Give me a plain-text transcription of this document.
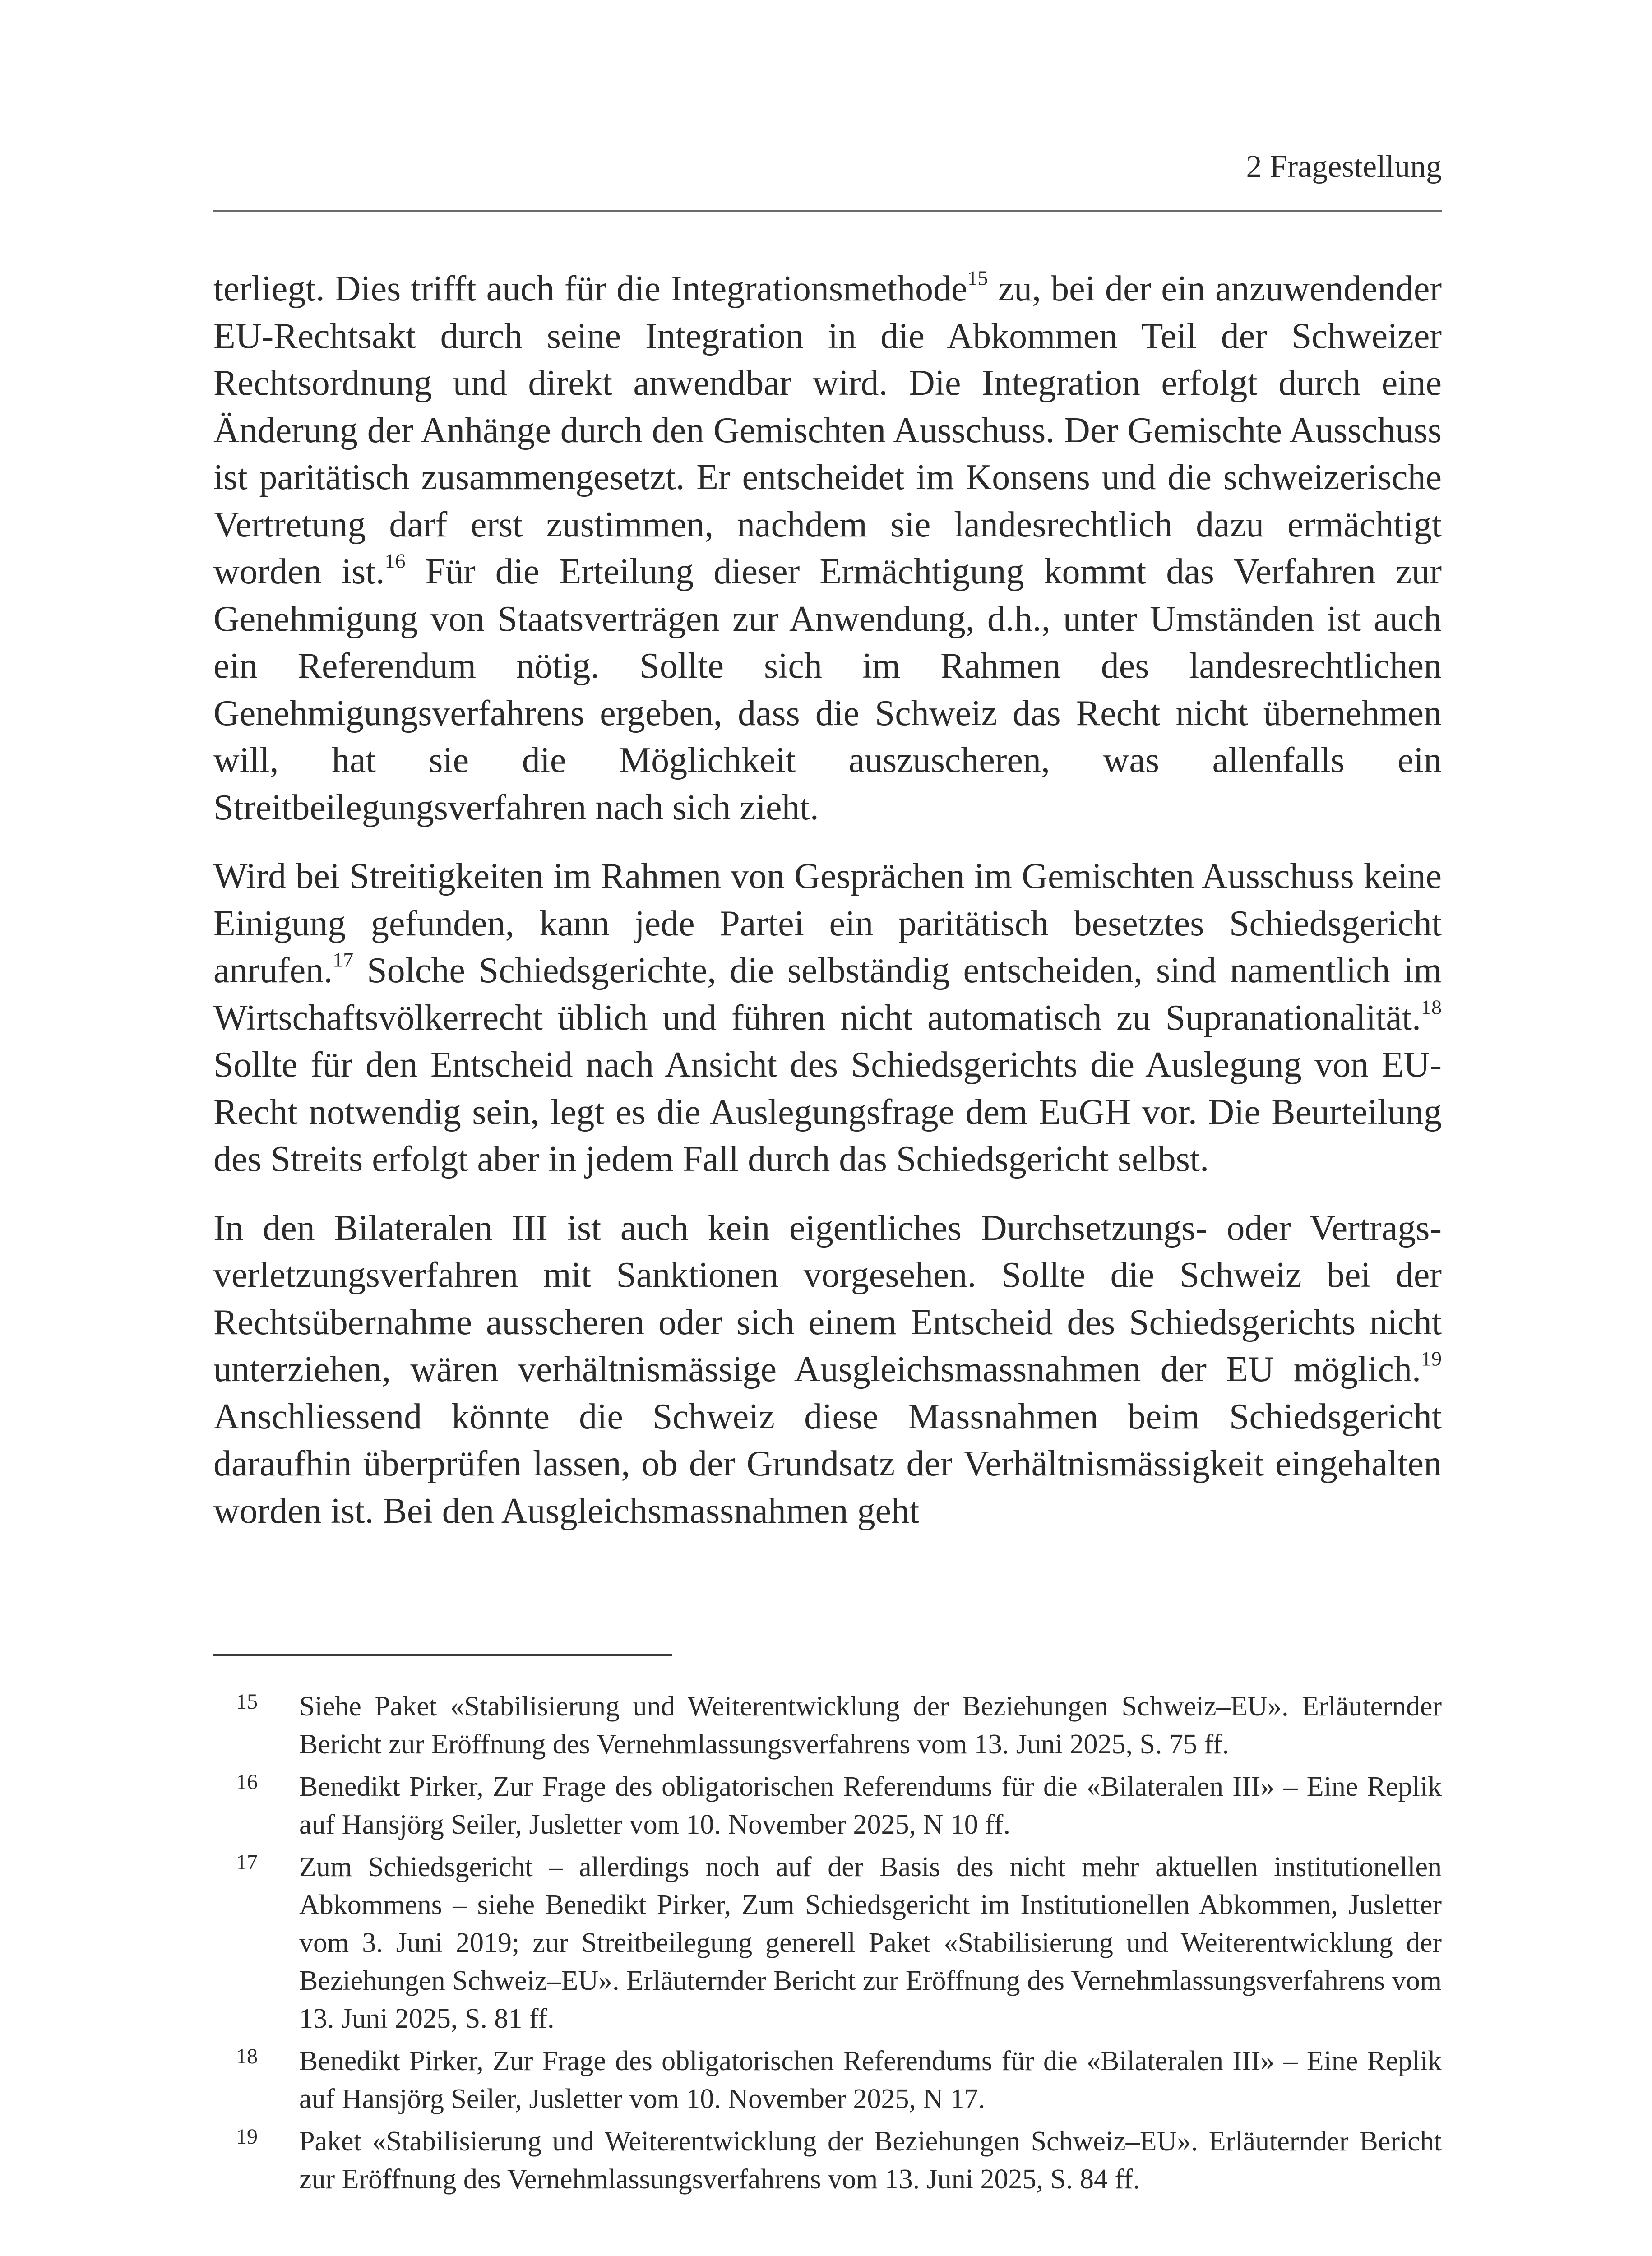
2 Fragestellung

terliegt. Dies trifft auch für die Integrationsmethode$^{15}$ zu, bei der ein anzuwendender EU-Rechtsakt durch seine Integration in die Abkommen Teil der Schweizer Rechtsordnung und direkt anwendbar wird. Die Integration erfolgt durch eine Änderung der Anhänge durch den Gemischten Ausschuss. Der Gemischte Ausschuss ist paritätisch zusammengesetzt. Er entscheidet im Konsens und die schweizerische Vertretung darf erst zustimmen, nachdem sie landesrechtlich dazu ermächtigt worden ist.$^{16}$ Für die Erteilung dieser Ermächtigung kommt das Verfahren zur Genehmigung von Staatsverträgen zur Anwendung, d.h., unter Umständen ist auch ein Referendum nötig. Sollte sich im Rahmen des landesrechtlichen Genehmigungsverfahrens ergeben, dass die Schweiz das Recht nicht übernehmen will, hat sie die Möglichkeit auszuscheren, was allenfalls ein Streitbeilegungsverfahren nach sich zieht.

Wird bei Streitigkeiten im Rahmen von Gesprächen im Gemischten Ausschuss keine Einigung gefunden, kann jede Partei ein paritätisch besetztes Schiedsgericht anrufen.$^{17}$ Solche Schiedsgerichte, die selbständig entscheiden, sind namentlich im Wirtschaftsvölkerrecht üblich und führen nicht automatisch zu Supranationalität.$^{18}$ Sollte für den Entscheid nach Ansicht des Schiedsgerichts die Auslegung von EU-Recht notwendig sein, legt es die Auslegungsfrage dem EuGH vor. Die Beurteilung des Streits erfolgt aber in jedem Fall durch das Schiedsgericht selbst.

In den Bilateralen III ist auch kein eigentliches Durchsetzungs- oder Vertragsverletzungsverfahren mit Sanktionen vorgesehen. Sollte die Schweiz bei der Rechtsübernahme ausscheren oder sich einem Entscheid des Schiedsgerichts nicht unterziehen, wären verhältnismässige Ausgleichsmassnahmen der EU möglich.$^{19}$ Anschliessend könnte die Schweiz diese Massnahmen beim Schiedsgericht daraufhin überprüfen lassen, ob der Grundsatz der Verhältnismässigkeit eingehalten worden ist. Bei den Ausgleichsmassnahmen geht

15 Siehe Paket «Stabilisierung und Weiterentwicklung der Beziehungen Schweiz–EU». Erläuternder Bericht zur Eröffnung des Vernehmlassungsverfahrens vom 13. Juni 2025, S. 75 ff.
16 Benedikt Pirker, Zur Frage des obligatorischen Referendums für die «Bilateralen III» – Eine Replik auf Hansjörg Seiler, Jusletter vom 10. November 2025, N 10 ff.
17 Zum Schiedsgericht – allerdings noch auf der Basis des nicht mehr aktuellen institutionellen Abkommens – siehe Benedikt Pirker, Zum Schiedsgericht im Institutionellen Abkommen, Jusletter vom 3. Juni 2019; zur Streitbeilegung generell Paket «Stabilisierung und Weiterentwicklung der Beziehungen Schweiz–EU». Erläuternder Bericht zur Eröffnung des Vernehmlassungsverfahrens vom 13. Juni 2025, S. 81 ff.
18 Benedikt Pirker, Zur Frage des obligatorischen Referendums für die «Bilateralen III» – Eine Replik auf Hansjörg Seiler, Jusletter vom 10. November 2025, N 17.
19 Paket «Stabilisierung und Weiterentwicklung der Beziehungen Schweiz–EU». Erläuternder Bericht zur Eröffnung des Vernehmlassungsverfahrens vom 13. Juni 2025, S. 84 ff.
